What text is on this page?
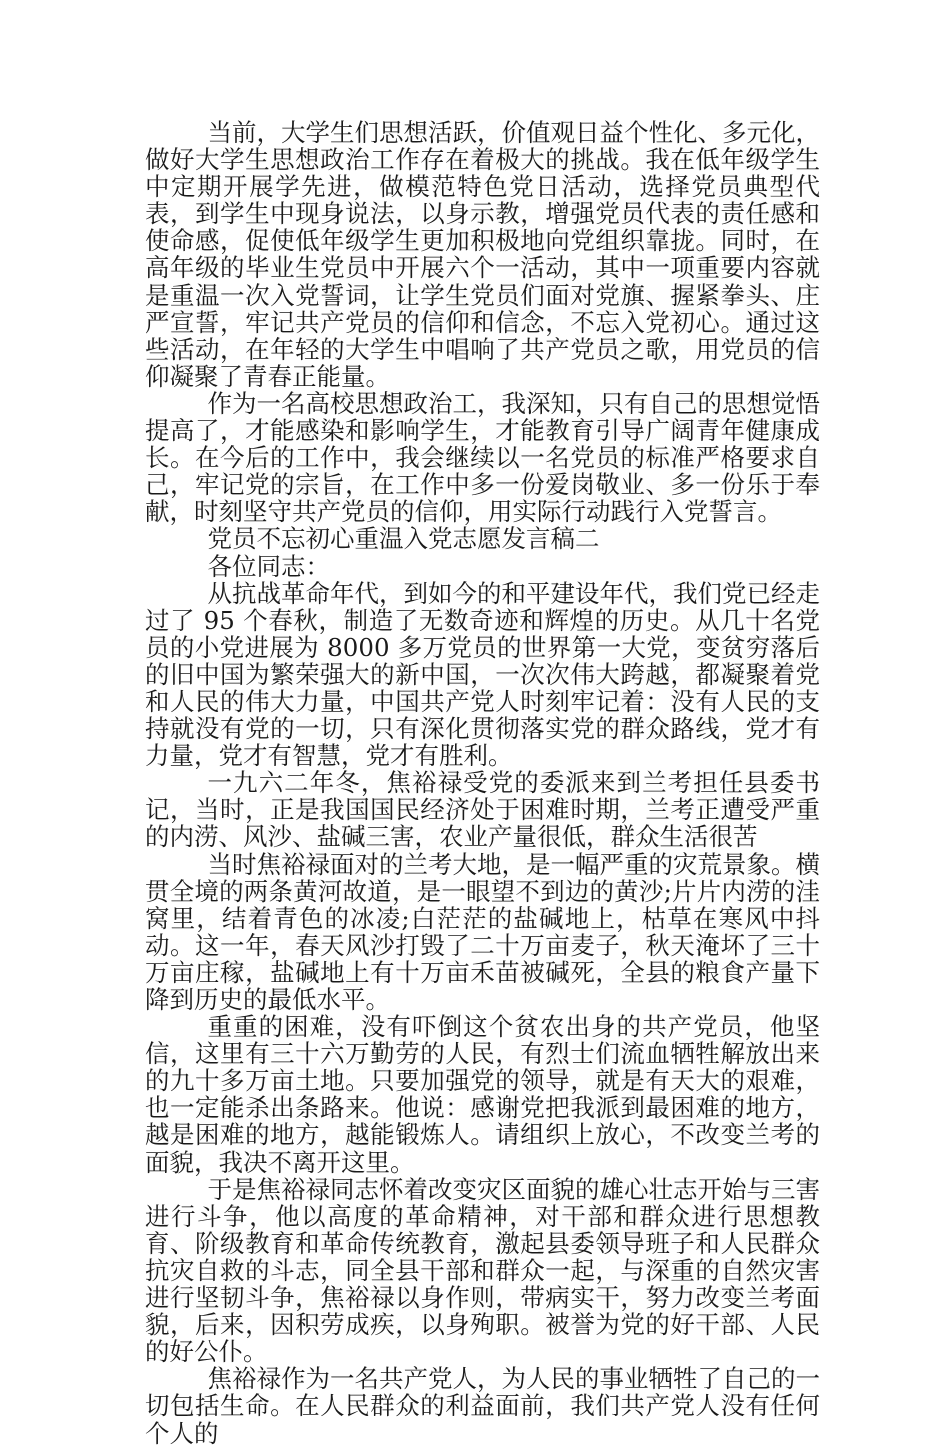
当前，大学生们思想活跃，价值观日益个性化、多元化，做好大学生思想政治工作存在着极大的挑战。我在低年级学生中定期开展学先进，做模范特色党日活动，选择党员典型代表，到学生中现身说法，以身示教，增强党员代表的责任感和使命感，促使低年级学生更加积极地向党组织靠拢。同时，在高年级的毕业生党员中开展六个一活动，其中一项重要内容就是重温一次入党誓词，让学生党员们面对党旗、握紧拳头、庄严宣誓，牢记共产党员的信仰和信念，不忘入党初心。通过这些活动，在年轻的大学生中唱响了共产党员之歌，用党员的信仰凝聚了青春正能量。

作为一名高校思想政治工，我深知，只有自己的思想觉悟提高了，才能感染和影响学生，才能教育引导广阔青年健康成长。在今后的工作中，我会继续以一名党员的标准严格要求自己，牢记党的宗旨，在工作中多一份爱岗敬业、多一份乐于奉献，时刻坚守共产党员的信仰，用实际行动践行入党誓言。

党员不忘初心重温入党志愿发言稿二

各位同志：

从抗战革命年代，到如今的和平建设年代，我们党已经走过了 95 个春秋，制造了无数奇迹和辉煌的历史。从几十名党员的小党进展为 8000 多万党员的世界第一大党，变贫穷落后的旧中国为繁荣强大的新中国，一次次伟大跨越，都凝聚着党和人民的伟大力量，中国共产党人时刻牢记着：没有人民的支持就没有党的一切，只有深化贯彻落实党的群众路线，党才有力量，党才有智慧，党才有胜利。

一九六二年冬，焦裕禄受党的委派来到兰考担任县委书记，当时，正是我国国民经济处于困难时期，兰考正遭受严重的内涝、风沙、盐碱三害，农业产量很低，群众生活很苦

当时焦裕禄面对的兰考大地，是一幅严重的灾荒景象。横贯全境的两条黄河故道，是一眼望不到边的黄沙;片片内涝的洼窝里，结着青色的冰凌;白茫茫的盐碱地上，枯草在寒风中抖动。这一年，春天风沙打毁了二十万亩麦子，秋天淹坏了三十万亩庄稼，盐碱地上有十万亩禾苗被碱死，全县的粮食产量下降到历史的最低水平。

重重的困难，没有吓倒这个贫农出身的共产党员，他坚信，这里有三十六万勤劳的人民，有烈士们流血牺牲解放出来的九十多万亩土地。只要加强党的领导，就是有天大的艰难，也一定能杀出条路来。他说：感谢党把我派到最困难的地方，越是困难的地方，越能锻炼人。请组织上放心，不改变兰考的面貌，我决不离开这里。

于是焦裕禄同志怀着改变灾区面貌的雄心壮志开始与三害进行斗争，他以高度的革命精神，对干部和群众进行思想教育、阶级教育和革命传统教育，激起县委领导班子和人民群众抗灾自救的斗志，同全县干部和群众一起，与深重的自然灾害进行坚韧斗争，焦裕禄以身作则，带病实干，努力改变兰考面貌，后来，因积劳成疾，以身殉职。被誉为党的好干部、人民的好公仆。

焦裕禄作为一名共产党人，为人民的事业牺牲了自己的一切包括生命。在人民群众的利益面前，我们共产党人没有任何个人的
